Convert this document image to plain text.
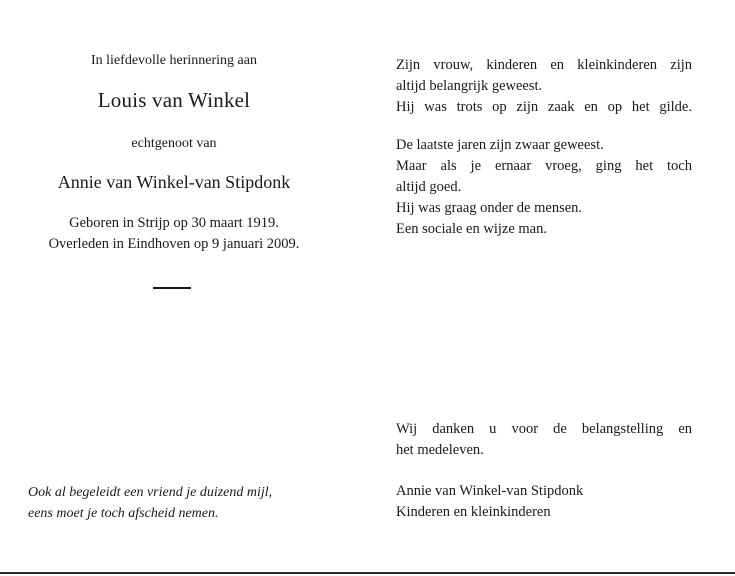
In liefdevolle herinnering aan
Louis van Winkel
echtgenoot van
Annie van Winkel-van Stipdonk
Geboren in Strijp op 30 maart 1919.
Overleden in Eindhoven op 9 januari 2009.
Ook al begeleidt een vriend je duizend mijl,
eens moet je toch afscheid nemen.
Zijn vrouw, kinderen en kleinkinderen zijn
altijd belangrijk geweest.
Hij was trots op zijn zaak en op het gilde.
De laatste jaren zijn zwaar geweest.
Maar als je ernaar vroeg, ging het toch
altijd goed.
Hij was graag onder de mensen.
Een sociale en wijze man.
Wij danken u voor de belangstelling en
het medeleven.
Annie van Winkel-van Stipdonk
Kinderen en kleinkinderen
